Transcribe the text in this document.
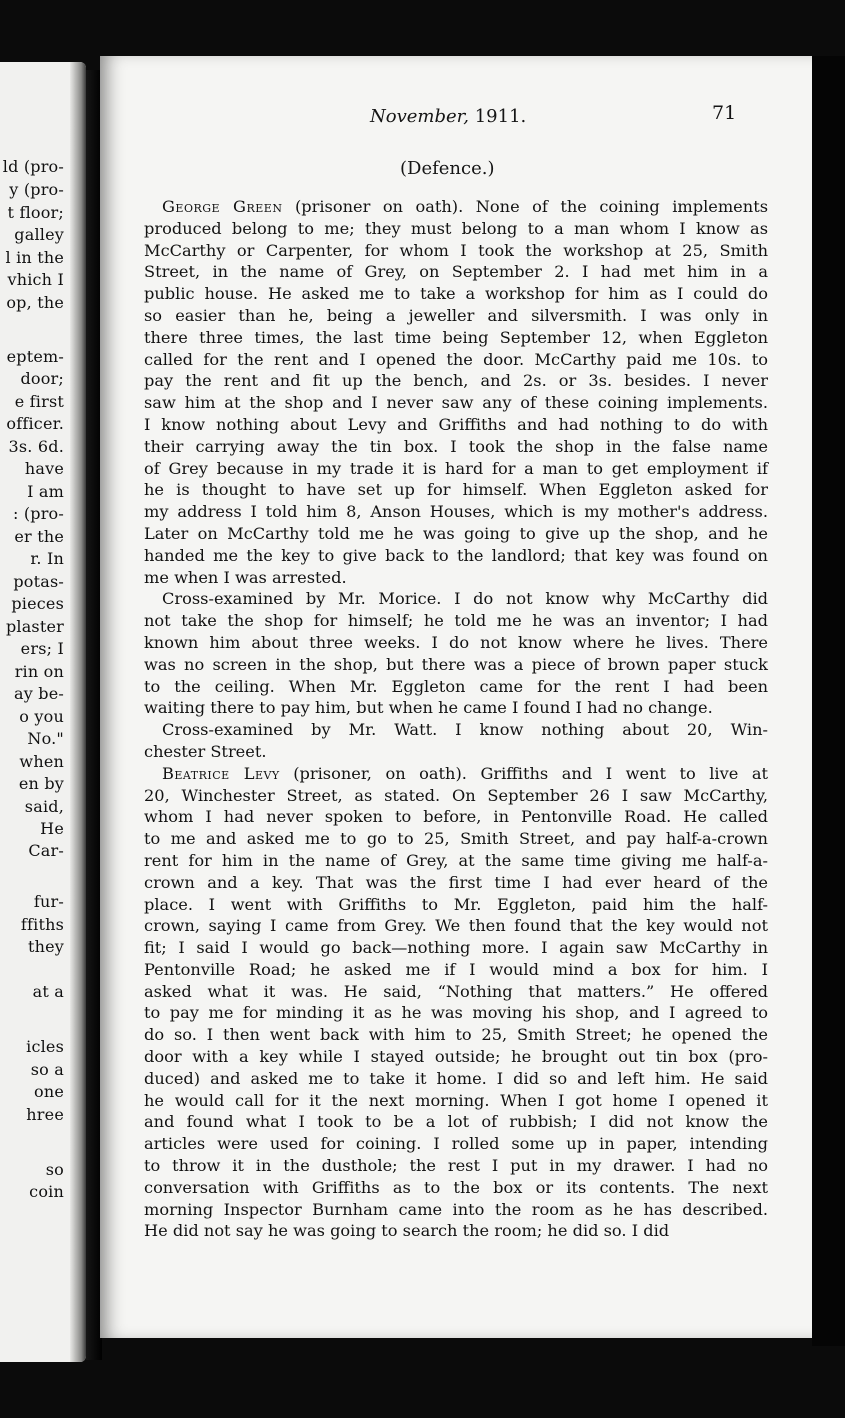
ld (pro-
y (pro-
t floor;
galley
l in the
vhich I
op, the
eptem-
door;
e first
officer.
3s. 6d.
have
I am
: (pro-
er the
r. In
potas-
pieces
plaster
ers; I
rin on
ay be-
o you
No."
when
en by
said,
He
Car-
fur-
ffiths
they
at a
icles
so a
one
hree
so
coin
November, 1911.	71
(Defence.)
George Green (prisoner on oath). None of the coining implements
produced belong to me; they must belong to a man whom I know as
McCarthy or Carpenter, for whom I took the workshop at 25, Smith
Street, in the name of Grey, on September 2. I had met him in a
public house. He asked me to take a workshop for him as I could do
so easier than he, being a jeweller and silversmith. I was only in
there three times, the last time being September 12, when Eggleton
called for the rent and I opened the door. McCarthy paid me 10s. to
pay the rent and fit up the bench, and 2s. or 3s. besides. I never
saw him at the shop and I never saw any of these coining implements.
I know nothing about Levy and Griffiths and had nothing to do with
their carrying away the tin box. I took the shop in the false name
of Grey because in my trade it is hard for a man to get employment if
he is thought to have set up for himself. When Eggleton asked for
my address I told him 8, Anson Houses, which is my mother's address.
Later on McCarthy told me he was going to give up the shop, and he
handed me the key to give back to the landlord; that key was found on
me when I was arrested.
Cross-examined by Mr. Morice. I do not know why McCarthy did
not take the shop for himself; he told me he was an inventor; I had
known him about three weeks. I do not know where he lives. There
was no screen in the shop, but there was a piece of brown paper stuck
to the ceiling. When Mr. Eggleton came for the rent I had been
waiting there to pay him, but when he came I found I had no change.
Cross-examined by Mr. Watt. I know nothing about 20, Win-
chester Street.
Beatrice Levy (prisoner, on oath). Griffiths and I went to live at
20, Winchester Street, as stated. On September 26 I saw McCarthy,
whom I had never spoken to before, in Pentonville Road. He called
to me and asked me to go to 25, Smith Street, and pay half-a-crown
rent for him in the name of Grey, at the same time giving me half-a-
crown and a key. That was the first time I had ever heard of the
place. I went with Griffiths to Mr. Eggleton, paid him the half-
crown, saying I came from Grey. We then found that the key would not
fit; I said I would go back—nothing more. I again saw McCarthy in
Pentonville Road; he asked me if I would mind a box for him. I
asked what it was. He said, “Nothing that matters.” He offered
to pay me for minding it as he was moving his shop, and I agreed to
do so. I then went back with him to 25, Smith Street; he opened the
door with a key while I stayed outside; he brought out tin box (pro-
duced) and asked me to take it home. I did so and left him. He said
he would call for it the next morning. When I got home I opened it
and found what I took to be a lot of rubbish; I did not know the
articles were used for coining. I rolled some up in paper, intending
to throw it in the dusthole; the rest I put in my drawer. I had no
conversation with Griffiths as to the box or its contents. The next
morning Inspector Burnham came into the room as he has described.
He did not say he was going to search the room; he did so. I did
